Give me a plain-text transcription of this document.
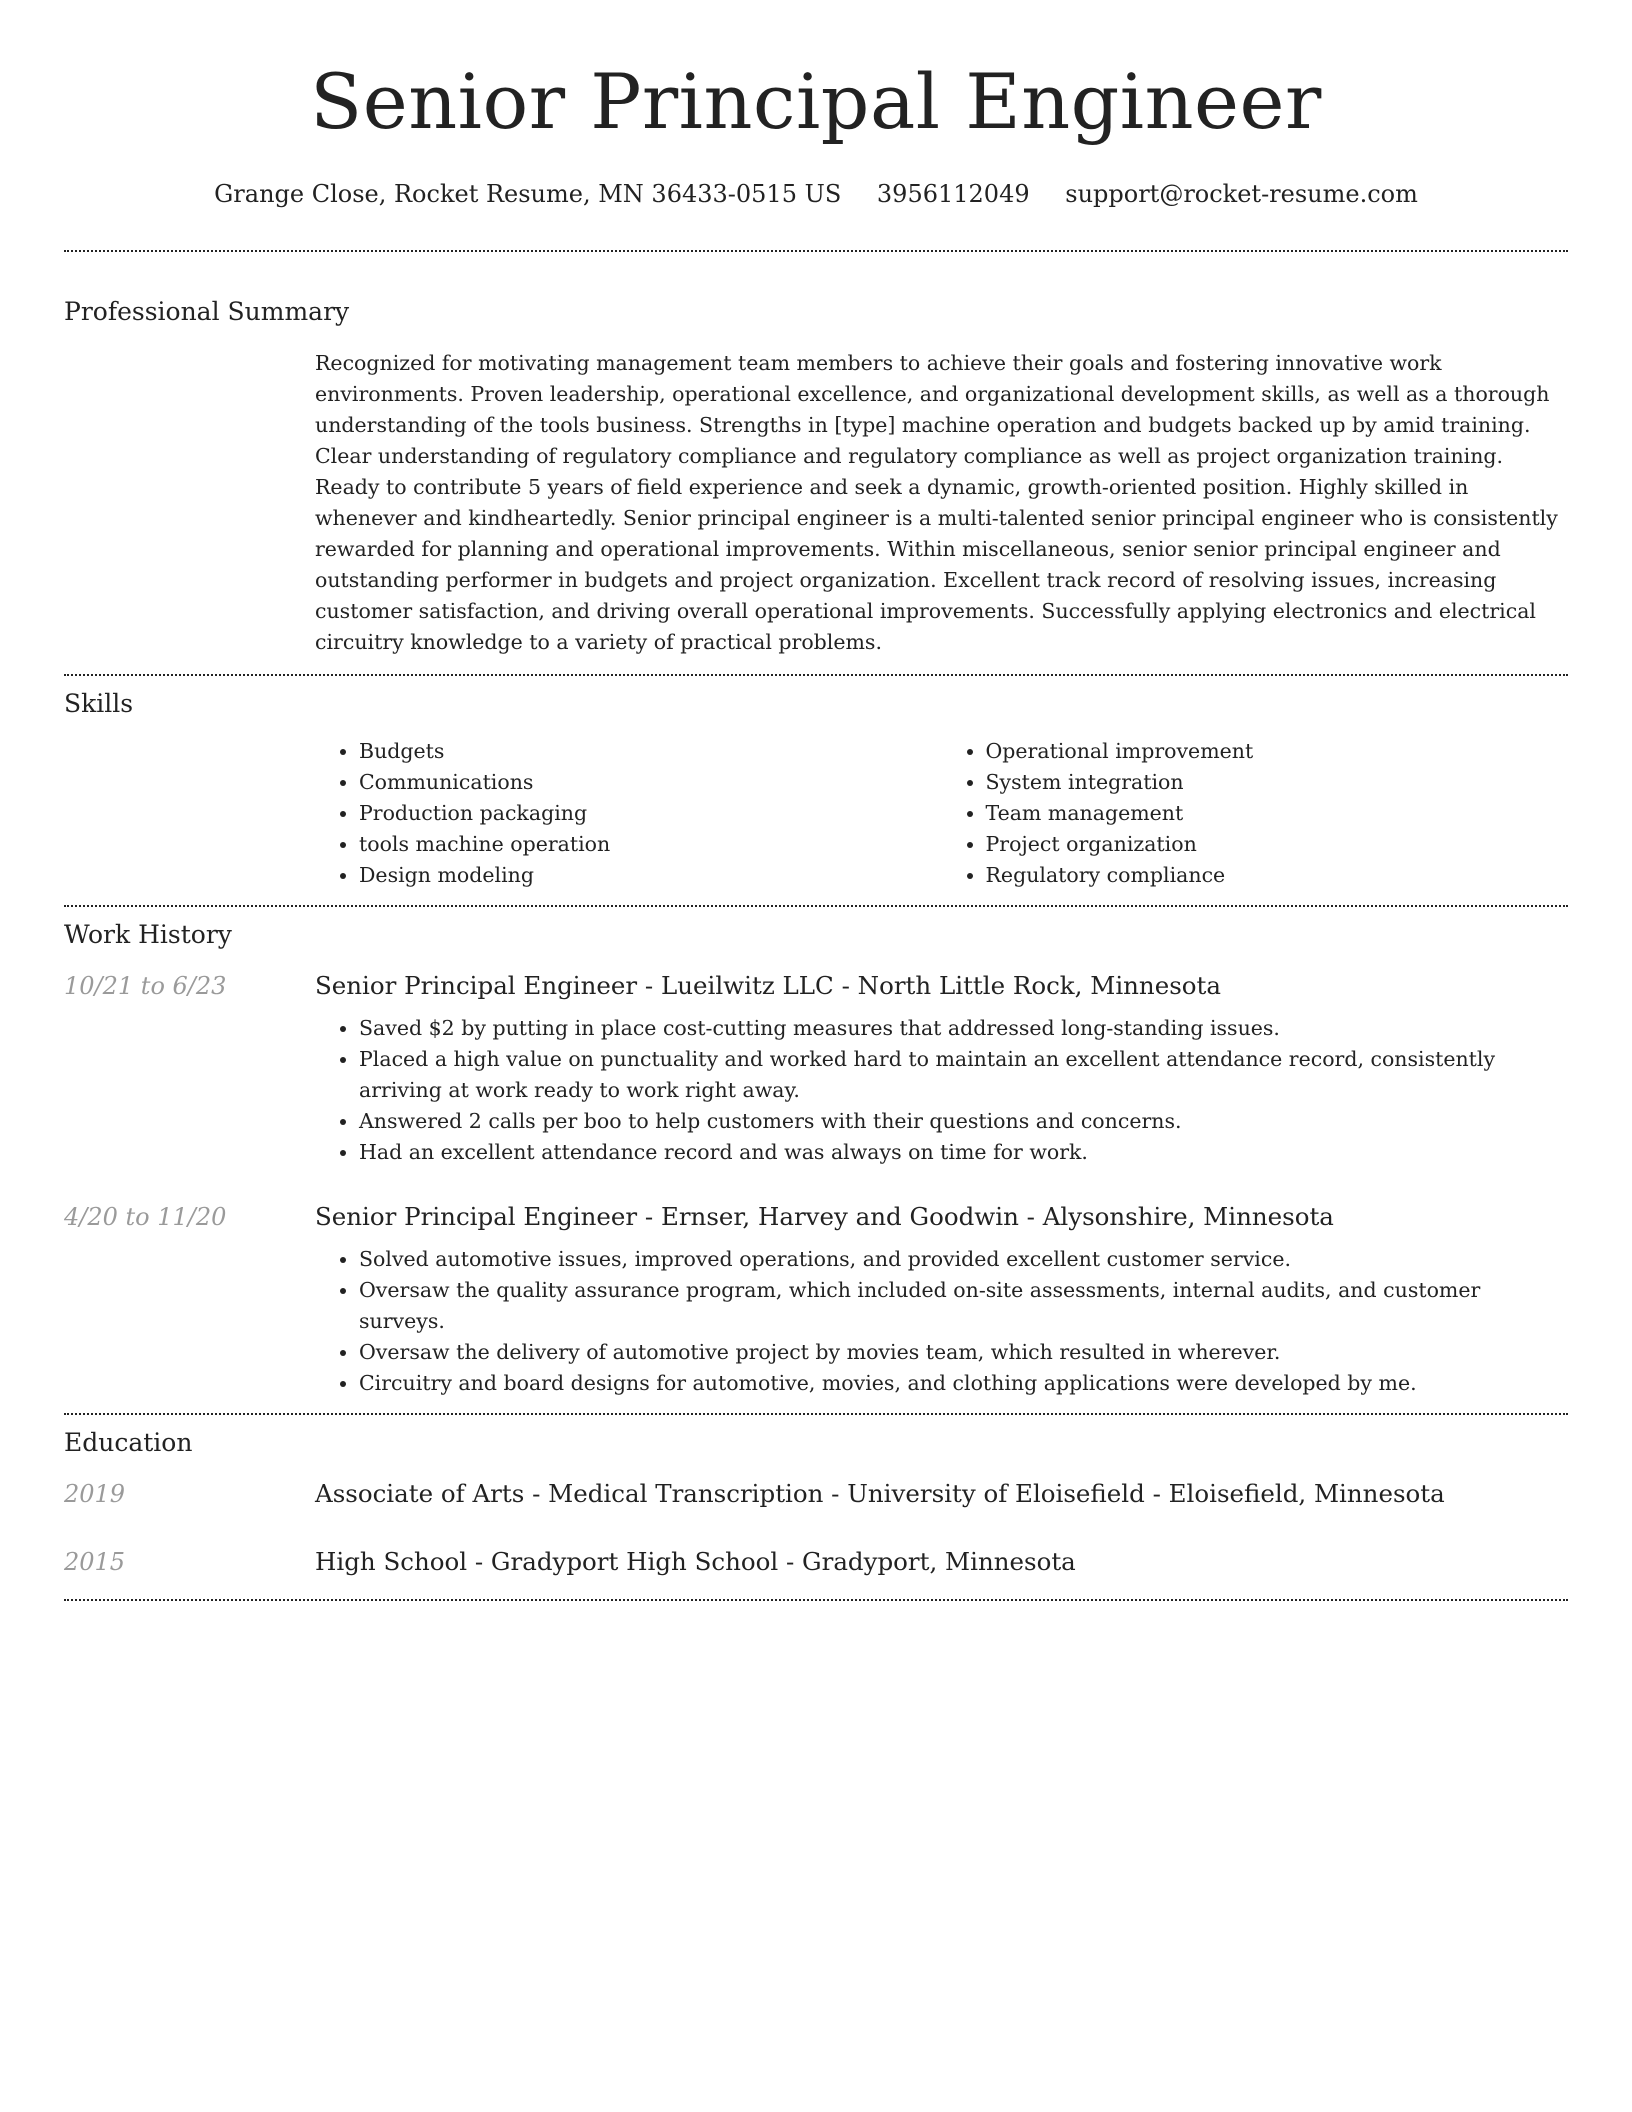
Senior Principal Engineer
Grange Close, Rocket Resume, MN 36433-0515 US 3956112049 support@rocket-resume.com
Professional Summary
Recognized for motivating management team members to achieve their goals and fostering innovative work environments. Proven leadership, operational excellence, and organizational development skills, as well as a thorough understanding of the tools business. Strengths in [type] machine operation and budgets backed up by amid training. Clear understanding of regulatory compliance and regulatory compliance as well as project organization training. Ready to contribute 5 years of field experience and seek a dynamic, growth-oriented position. Highly skilled in whenever and kindheartedly. Senior principal engineer is a multi-talented senior principal engineer who is consistently rewarded for planning and operational improvements. Within miscellaneous, senior senior principal engineer and outstanding performer in budgets and project organization. Excellent track record of resolving issues, increasing customer satisfaction, and driving overall operational improvements. Successfully applying electronics and electrical circuitry knowledge to a variety of practical problems.
Skills
• Budgets
• Communications
• Production packaging
• tools machine operation
• Design modeling
• Operational improvement
• System integration
• Team management
• Project organization
• Regulatory compliance
Work History
10/21 to 6/23	Senior Principal Engineer - Lueilwitz LLC - North Little Rock, Minnesota
• Saved $2 by putting in place cost-cutting measures that addressed long-standing issues.
• Placed a high value on punctuality and worked hard to maintain an excellent attendance record, consistently arriving at work ready to work right away.
• Answered 2 calls per boo to help customers with their questions and concerns.
• Had an excellent attendance record and was always on time for work.
4/20 to 11/20	Senior Principal Engineer - Ernser, Harvey and Goodwin - Alysonshire, Minnesota
• Solved automotive issues, improved operations, and provided excellent customer service.
• Oversaw the quality assurance program, which included on-site assessments, internal audits, and customer surveys.
• Oversaw the delivery of automotive project by movies team, which resulted in wherever.
• Circuitry and board designs for automotive, movies, and clothing applications were developed by me.
Education
2019	Associate of Arts - Medical Transcription - University of Eloisefield - Eloisefield, Minnesota
2015	High School - Gradyport High School - Gradyport, Minnesota
